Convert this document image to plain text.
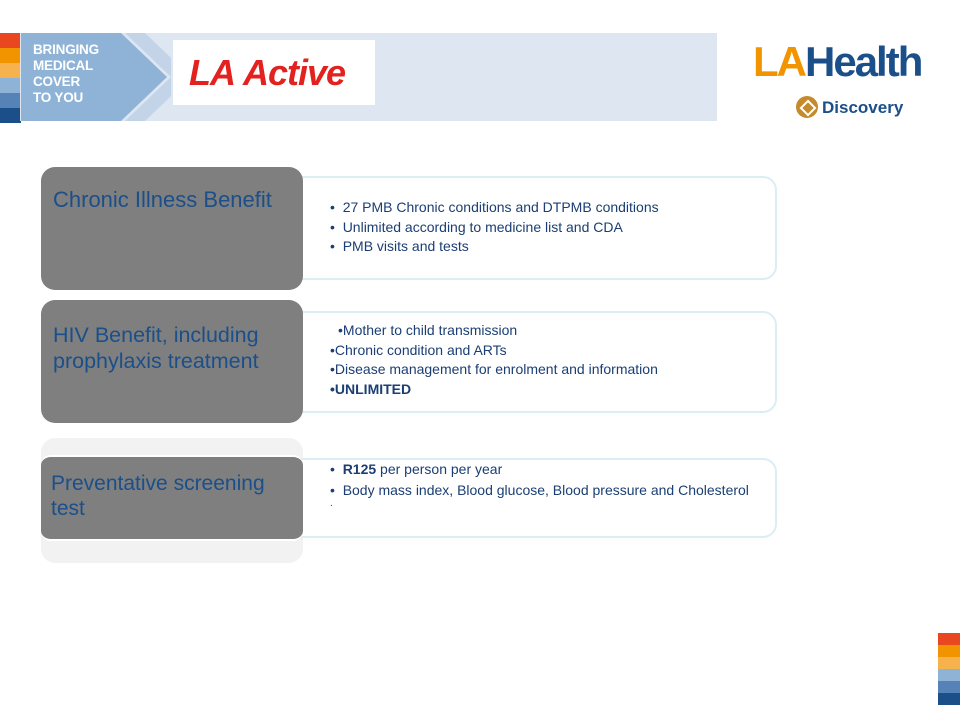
BRINGING
MEDICAL
COVER
TO YOU
LA Active	LAHealth
Discovery
Chronic Illness Benefit	•  27 PMB Chronic conditions and DTPMB conditions
•  Unlimited according to medicine list and CDA
•  PMB visits and tests
HIV Benefit, including prophylaxis treatment
•Mother to child transmission
•Chronic condition and ARTs
•Disease management for enrolment and information
•UNLIMITED
Preventative screening test
•  R125 per person per year
•  Body mass index, Blood glucose, Blood pressure and Cholesterol
.
